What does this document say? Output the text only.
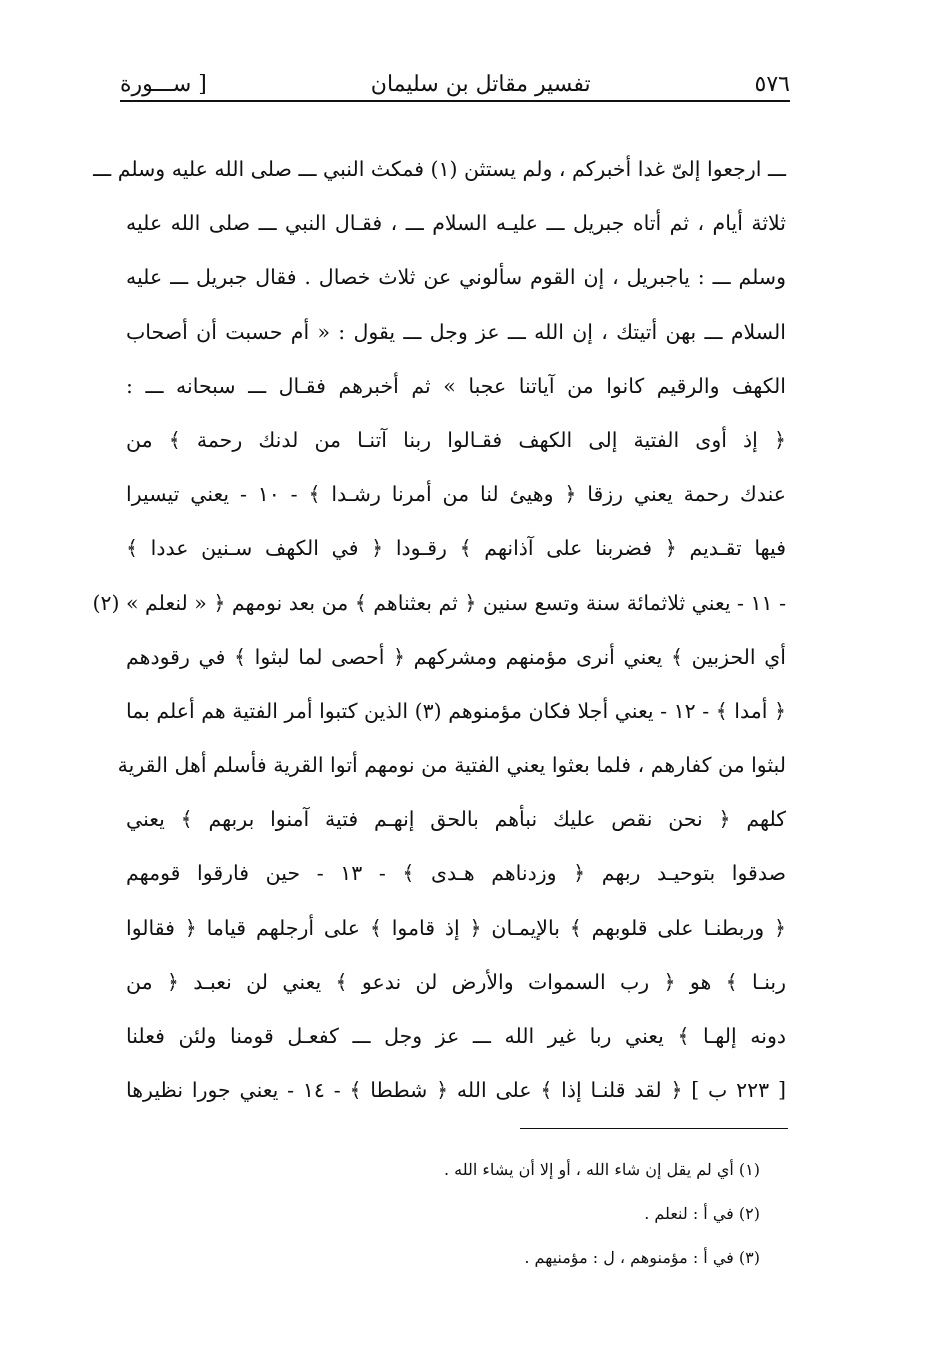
٥٧٦
تفسير مقاتل بن سليمان
[ ســـورة
ـــ ارجعوا إلىّ غدا أخبركم ، ولم يستثن (١) فمكث النبي ـــ صلى الله عليه وسلم ـــ
ثلاثة أيام ، ثم أتاه جبريل ـــ عليـه السلام ـــ ، فقـال النبي ـــ صلى الله عليه
وسلم ـــ : ياجبريل ، إن القوم سألوني عن ثلاث خصال . فقال جبريل ـــ عليه
السلام ـــ بهن أتيتك ، إن الله ـــ عز وجل ـــ يقول : « أم حسبت أن أصحاب
الكهف والرقيم كانوا من آياتنا عجبا » ثم أخبرهم فقـال ـــ سبحانه ـــ :
﴿ إذ أوى الفتية إلى الكهف فقـالوا ربنا آتنـا من لدنك رحمة ﴾ من
عندك رحمة يعني رزقا ﴿ وهيئ لنا من أمرنا رشـدا ﴾ - ١٠ - يعني تيسيرا
فيها تقـديم ﴿ فضربنا على آذانهم ﴾ رقـودا ﴿ في الكهف سـنين عددا ﴾
- ١١ - يعني ثلاثمائة سنة وتسع سنين ﴿ ثم بعثناهم ﴾ من بعد نومهم ﴿ « لنعلم » (٢)
أي الحزبين ﴾ يعني أنرى مؤمنهم ومشركهم ﴿ أحصى لما لبثوا ﴾ في رقودهم
﴿ أمدا ﴾ - ١٢ - يعني أجلا فكان مؤمنوهم (٣) الذين كتبوا أمر الفتية هم أعلم بما
لبثوا من كفارهم ، فلما بعثوا يعني الفتية من نومهم أتوا القرية فأسلم أهل القرية
كلهم ﴿ نحن نقص عليك نبأهم بالحق إنهـم فتية آمنوا بربهم ﴾ يعني
صدقوا بتوحيـد ربهم ﴿ وزدناهم هـدى ﴾ - ١٣ - حين فارقوا قومهم
﴿ وربطنـا على قلوبهم ﴾ بالإيمـان ﴿ إذ قاموا ﴾ على أرجلهم قياما ﴿ فقالوا
ربنـا ﴾ هو ﴿ رب السموات والأرض لن ندعو ﴾ يعني لن نعبـد ﴿ من
دونه إلهـا ﴾ يعني ربا غير الله ـــ عز وجل ـــ كفعـل قومنا ولئن فعلنا
[ ٢٢٣ ب ] ﴿ لقد قلنـا إذا ﴾ على الله ﴿ شططا ﴾ - ١٤ - يعني جورا نظيرها
(١) أي لم يقل إن شاء الله ، أو إلا أن يشاء الله .
(٢) في أ : لنعلم .
(٣) في أ : مؤمنوهم ، ل : مؤمنيهم .
